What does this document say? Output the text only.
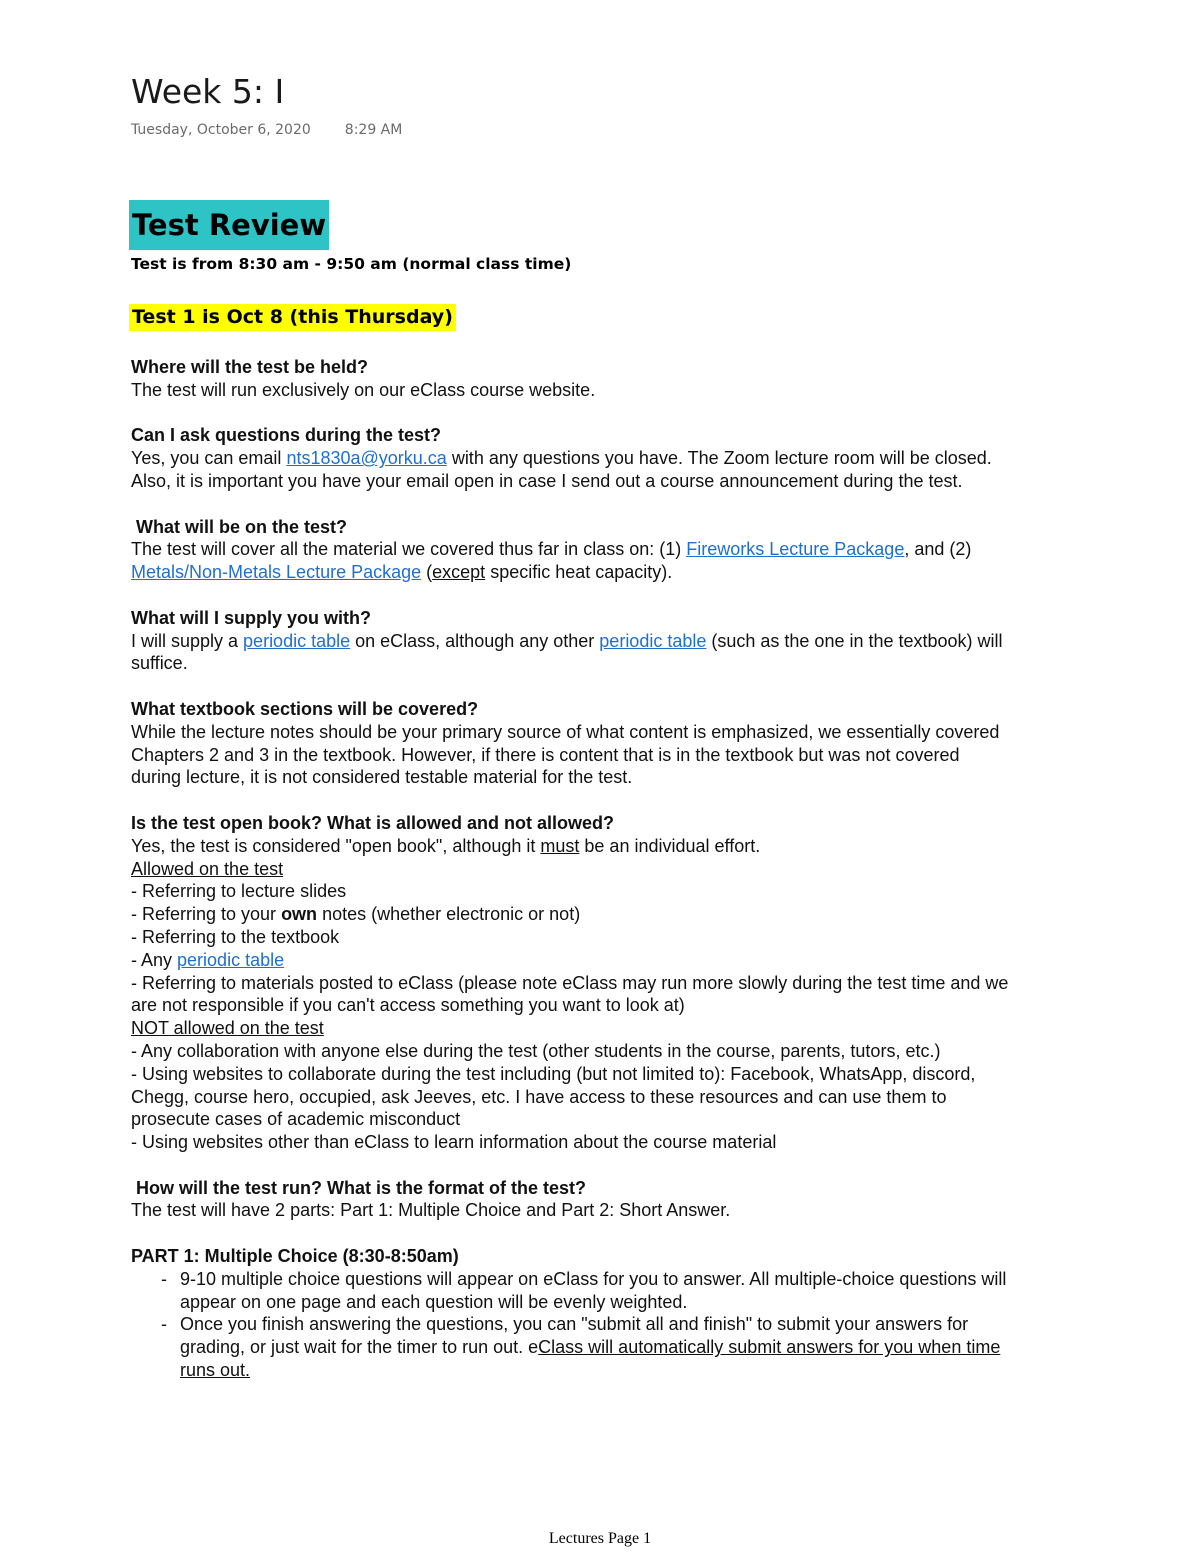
Week 5: I
Tuesday, October 6, 2020 8:29 AM
Test Review
Test is from 8:30 am - 9:50 am (normal class time)
Test 1 is Oct 8 (this Thursday)
Where will the test be held?
The test will run exclusively on our eClass course website.
Can I ask questions during the test?
Yes, you can email nts1830a@yorku.ca with any questions you have. The Zoom lecture room will be closed. Also, it is important you have your email open in case I send out a course announcement during the test.
What will be on the test?
The test will cover all the material we covered thus far in class on: (1) Fireworks Lecture Package, and (2) Metals/Non-Metals Lecture Package (except specific heat capacity).
What will I supply you with?
I will supply a periodic table on eClass, although any other periodic table (such as the one in the textbook) will suffice.
What textbook sections will be covered?
While the lecture notes should be your primary source of what content is emphasized, we essentially covered Chapters 2 and 3 in the textbook. However, if there is content that is in the textbook but was not covered during lecture, it is not considered testable material for the test.
Is the test open book? What is allowed and not allowed?
Yes, the test is considered "open book", although it must be an individual effort.
Allowed on the test
- Referring to lecture slides
- Referring to your own notes (whether electronic or not)
- Referring to the textbook
- Any periodic table
- Referring to materials posted to eClass (please note eClass may run more slowly during the test time and we are not responsible if you can't access something you want to look at)
NOT allowed on the test
- Any collaboration with anyone else during the test (other students in the course, parents, tutors, etc.)
- Using websites to collaborate during the test including (but not limited to): Facebook, WhatsApp, discord, Chegg, course hero, occupied, ask Jeeves, etc. I have access to these resources and can use them to prosecute cases of academic misconduct
- Using websites other than eClass to learn information about the course material
How will the test run? What is the format of the test?
The test will have 2 parts: Part 1: Multiple Choice and Part 2: Short Answer.
PART 1: Multiple Choice (8:30-8:50am)
- 9-10 multiple choice questions will appear on eClass for you to answer. All multiple-choice questions will appear on one page and each question will be evenly weighted.
- Once you finish answering the questions, you can "submit all and finish" to submit your answers for grading, or just wait for the timer to run out. eClass will automatically submit answers for you when time runs out.
Lectures Page 1
